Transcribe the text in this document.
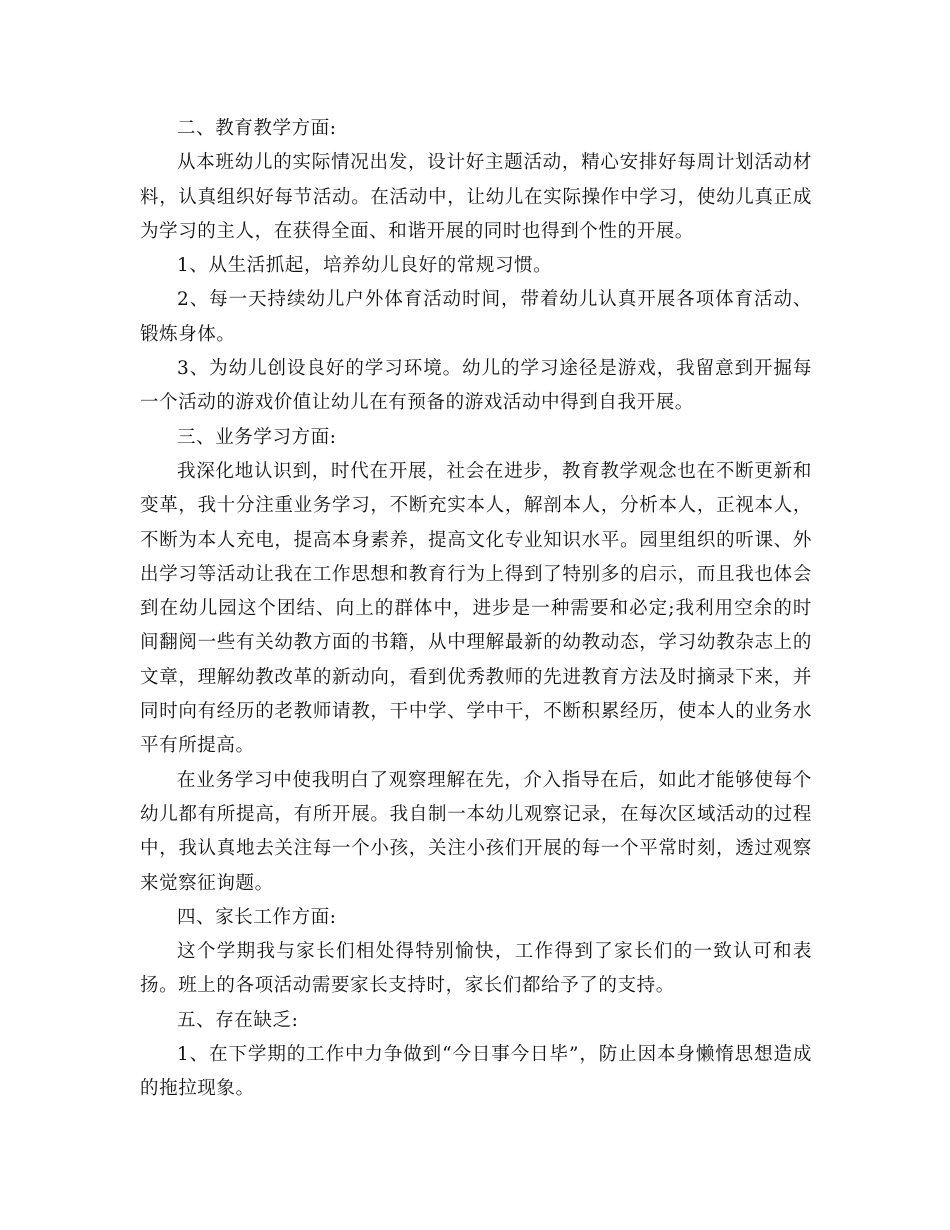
二、教育教学方面:

从本班幼儿的实际情况出发，设计好主题活动，精心安排好每周计划活动材料，认真组织好每节活动。在活动中，让幼儿在实际操作中学习，使幼儿真正成为学习的主人，在获得全面、和谐开展的同时也得到个性的开展。

1、从生活抓起，培养幼儿良好的常规习惯。

2、每一天持续幼儿户外体育活动时间，带着幼儿认真开展各项体育活动、锻炼身体。

3、为幼儿创设良好的学习环境。幼儿的学习途径是游戏，我留意到开掘每一个活动的游戏价值让幼儿在有预备的游戏活动中得到自我开展。

三、业务学习方面:

我深化地认识到，时代在开展，社会在进步，教育教学观念也在不断更新和变革，我十分注重业务学习，不断充实本人，解剖本人，分析本人，正视本人，不断为本人充电，提高本身素养，提高文化专业知识水平。园里组织的听课、外出学习等活动让我在工作思想和教育行为上得到了特别多的启示，而且我也体会到在幼儿园这个团结、向上的群体中，进步是一种需要和必定;我利用空余的时间翻阅一些有关幼教方面的书籍，从中理解最新的幼教动态，学习幼教杂志上的文章，理解幼教改革的新动向，看到优秀教师的先进教育方法及时摘录下来，并同时向有经历的老教师请教，干中学、学中干，不断积累经历，使本人的业务水平有所提高。

在业务学习中使我明白了观察理解在先，介入指导在后，如此才能够使每个幼儿都有所提高，有所开展。我自制一本幼儿观察记录，在每次区域活动的过程中，我认真地去关注每一个小孩，关注小孩们开展的每一个平常时刻，透过观察来觉察征询题。

四、家长工作方面:

这个学期我与家长们相处得特别愉快，工作得到了家长们的一致认可和表扬。班上的各项活动需要家长支持时，家长们都给予了的支持。

五、存在缺乏:

1、在下学期的工作中力争做到“今日事今日毕”，防止因本身懒惰思想造成的拖拉现象。
